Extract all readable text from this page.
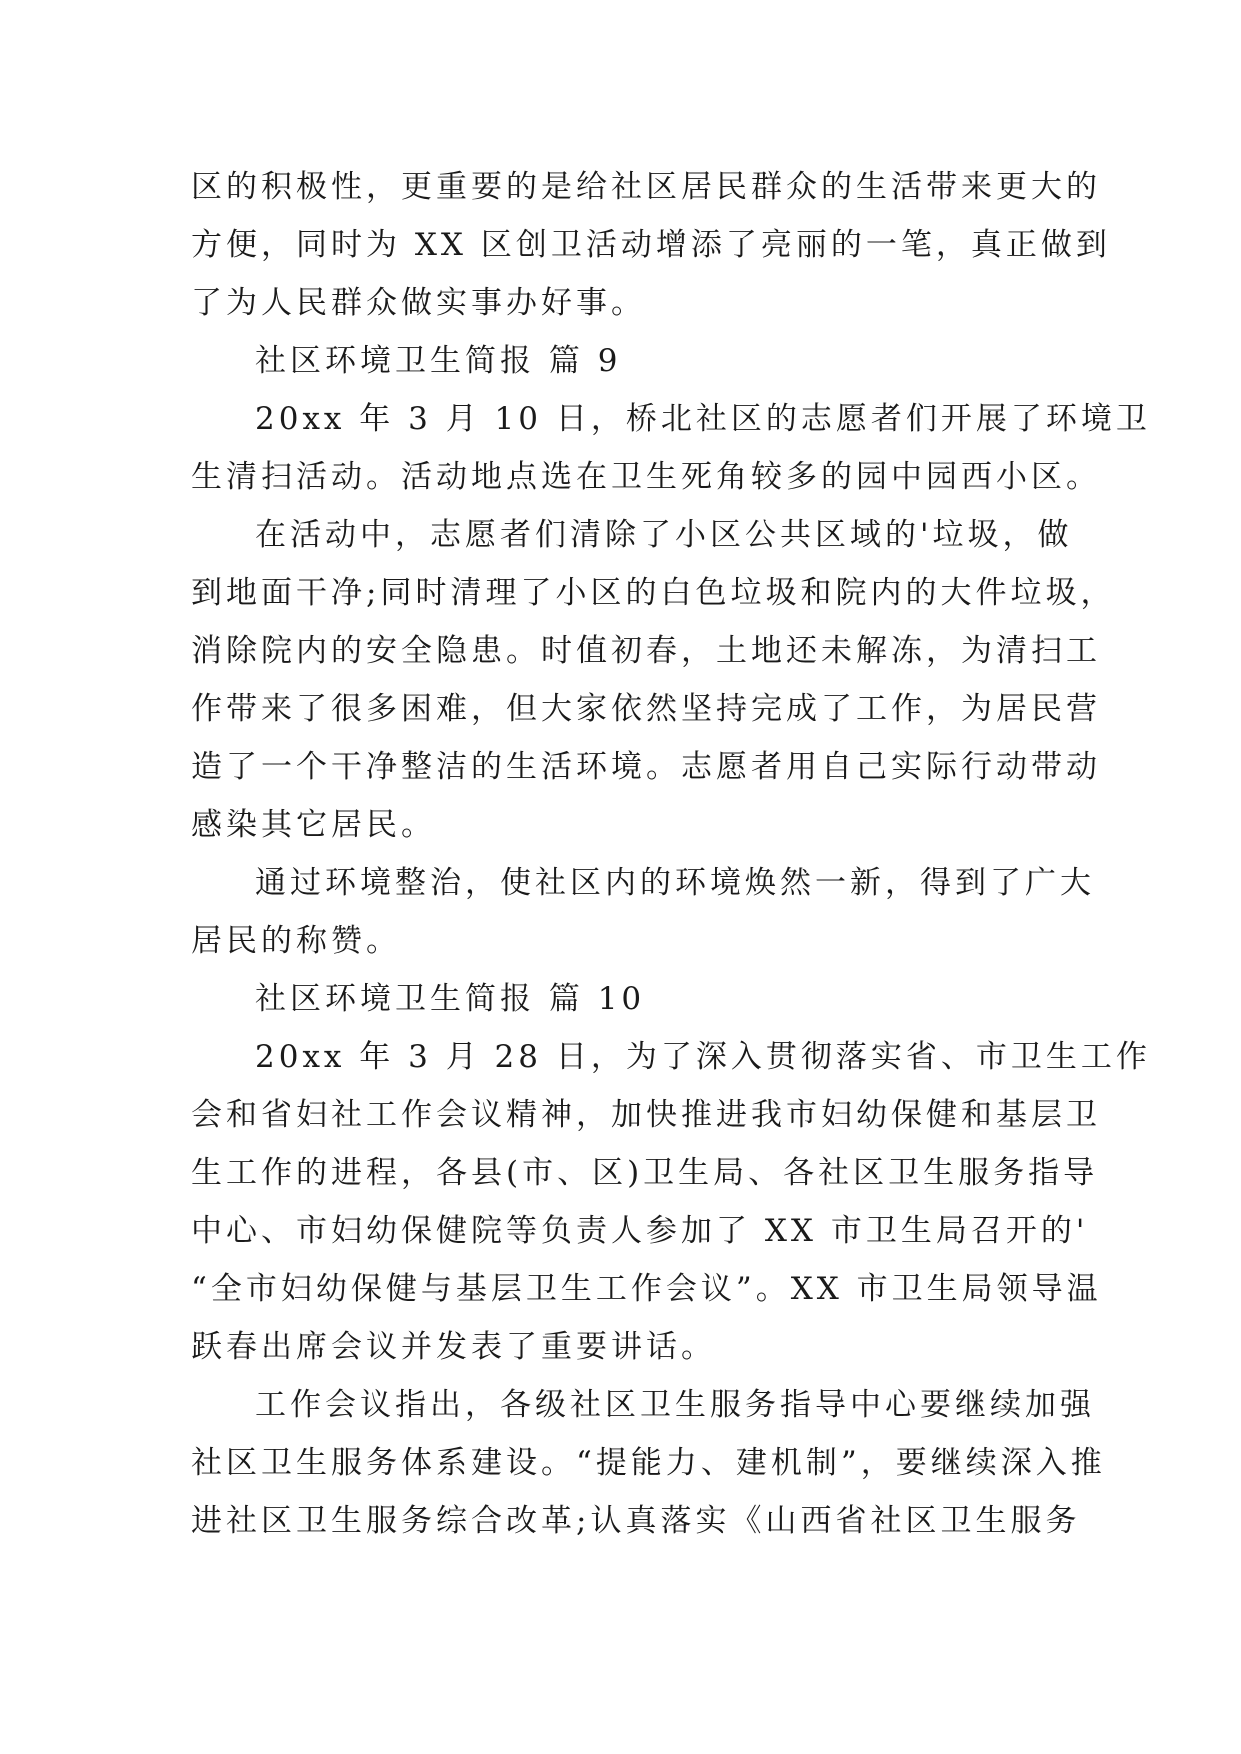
区的积极性，更重要的是给社区居民群众的生活带来更大的
方便，同时为 XX 区创卫活动增添了亮丽的一笔，真正做到
了为人民群众做实事办好事。
社区环境卫生简报 篇 9
20xx 年 3 月 10 日，桥北社区的志愿者们开展了环境卫
生清扫活动。活动地点选在卫生死角较多的园中园西小区。
在活动中，志愿者们清除了小区公共区域的'垃圾，做
到地面干净;同时清理了小区的白色垃圾和院内的大件垃圾，
消除院内的安全隐患。时值初春，土地还未解冻，为清扫工
作带来了很多困难，但大家依然坚持完成了工作，为居民营
造了一个干净整洁的生活环境。志愿者用自己实际行动带动
感染其它居民。
通过环境整治，使社区内的环境焕然一新，得到了广大
居民的称赞。
社区环境卫生简报 篇 10
20xx 年 3 月 28 日，为了深入贯彻落实省、市卫生工作
会和省妇社工作会议精神，加快推进我市妇幼保健和基层卫
生工作的进程，各县(市、区)卫生局、各社区卫生服务指导
中心、市妇幼保健院等负责人参加了 XX 市卫生局召开的'
“全市妇幼保健与基层卫生工作会议”。XX 市卫生局领导温
跃春出席会议并发表了重要讲话。
工作会议指出，各级社区卫生服务指导中心要继续加强
社区卫生服务体系建设。“提能力、建机制”，要继续深入推
进社区卫生服务综合改革;认真落实《山西省社区卫生服务
